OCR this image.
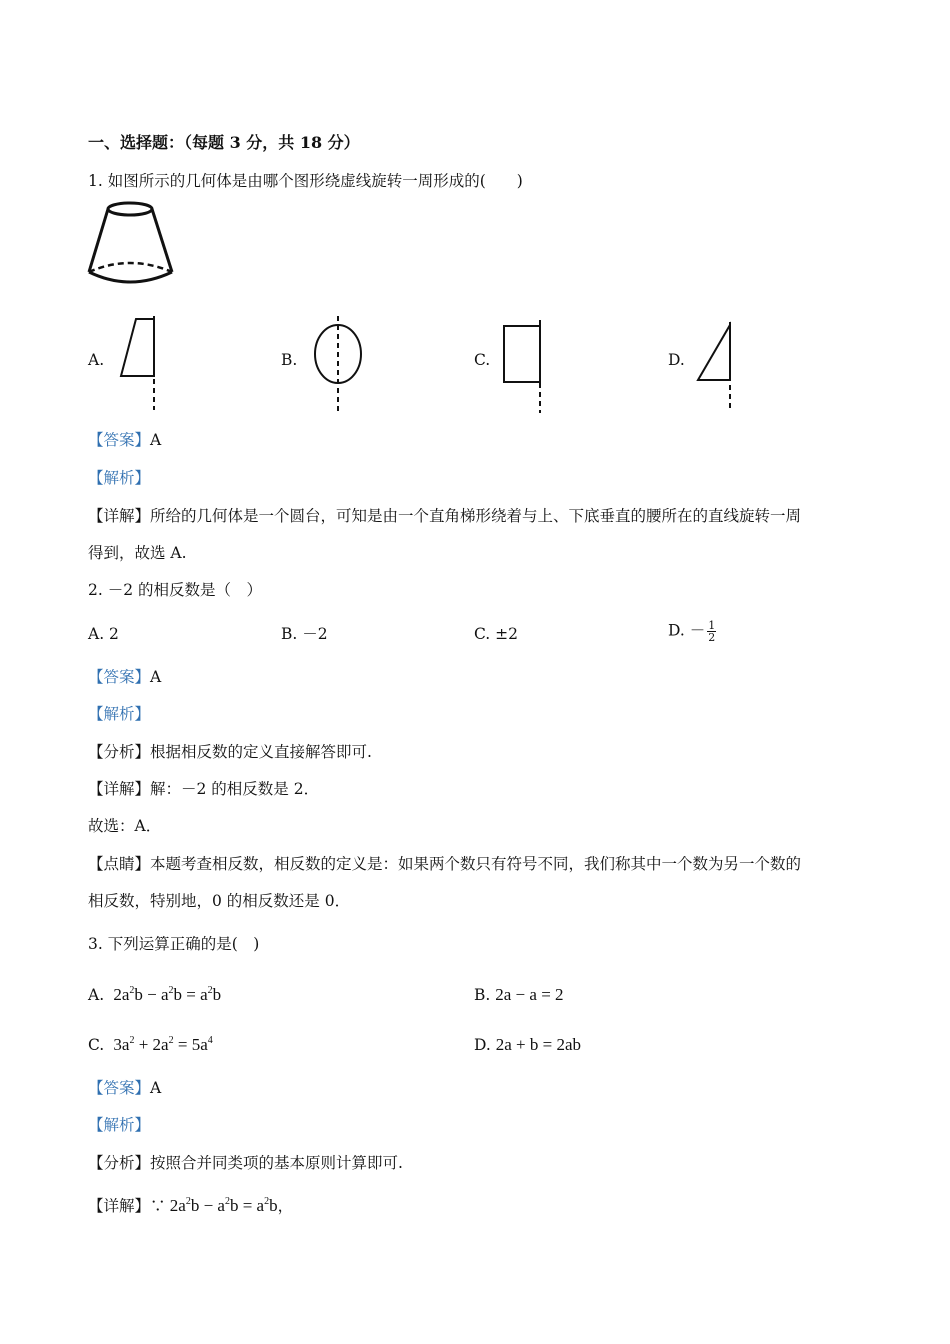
一、选择题：（每题 3 分，共 18 分）
1. 如图所示的几何体是由哪个图形绕虚线旋转一周形成的(　　)
A.	B.	C.	D.
【答案】A
【解析】
【详解】所给的几何体是一个圆台，可知是由一个直角梯形绕着与上、下底垂直的腰所在的直线旋转一周
得到，故选 A.
2. －2 的相反数是（　）
A. 2	B. －2	C. ±2	D. － $\frac{1}{2}$
【答案】A
【解析】
【分析】根据相反数的定义直接解答即可.
【详解】解：－2 的相反数是 2．
故选：A．
【点睛】本题考查相反数，相反数的定义是：如果两个数只有符号不同，我们称其中一个数为另一个数的
相反数，特别地，0 的相反数还是 0．
3. 下列运算正确的是(　)
A.  $2a^2b - a^2b = a^2b$	B. 2a − a = 2
C.  $3a^2 + 2a^2 = 5a^4$	D. 2a + b = 2ab
【答案】A
【解析】
【分析】按照合并同类项的基本原则计算即可.
【详解】∵ $2a^2b - a^2b = a^2b$，
